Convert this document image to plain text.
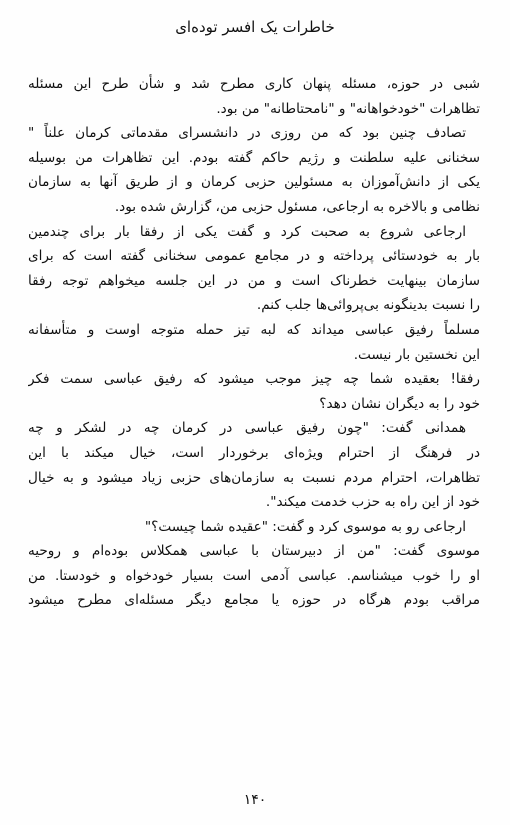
خاطرات یک افسر توده‌ای
شبی در حوزه، مسئله پنهان کاری مطرح شد و شأن طرح این مسئله
تظاهرات "خودخواهانه" و "نامحتاطانه" من بود.
تصادف چنین بود که من روزی در دانشسرای مقدماتی کرمان علناً "
سخنانی علیه سلطنت و رژیم حاکم گفته بودم. این تظاهرات من بوسیله
یکی از دانش‌آموزان به مسئولین حزبی کرمان و از طریق آنها به سازمان
نظامی و بالاخره به ارجاعی، مسئول حزبی من، گزارش شده بود.
ارجاعی شروع به صحبت کرد و گفت یکی از رفقا بار برای چندمین
بار به خودستائی پرداخته و در مجامع عمومی سخنانی گفته است که برای
سازمان بینهایت خطرناک است و من در این جلسه میخواهم توجه رفقا
را نسبت بدینگونه بی‌پروائی‌ها جلب کنم.
مسلماً رفیق عباسی میداند که لبه تیز حمله متوجه اوست و متأسفانه
این نخستین بار نیست.
رفقا! بعقیده شما چه چیز موجب میشود که رفیق عباسی سمت فکر
خود را به دیگران نشان دهد؟
همدانی گفت: "چون رفیق عباسی در کرمان چه در لشکر و چه
در فرهنگ از احترام ویژه‌ای برخوردار است، خیال میکند با این
تظاهرات، احترام مردم نسبت به سازمان‌های حزبی زیاد میشود و به خیال
خود از این راه به حزب خدمت میکند".
ارجاعی رو به موسوی کرد و گفت: "عقیده شما چیست؟"
موسوی گفت: "من از دبیرستان با عباسی همکلاس بوده‌ام و روحیه
او را خوب میشناسم. عباسی آدمی است بسیار خودخواه و خودستا. من
مراقب بودم هرگاه در حوزه یا مجامع دیگر مسئله‌ای مطرح میشود
۱۴۰
